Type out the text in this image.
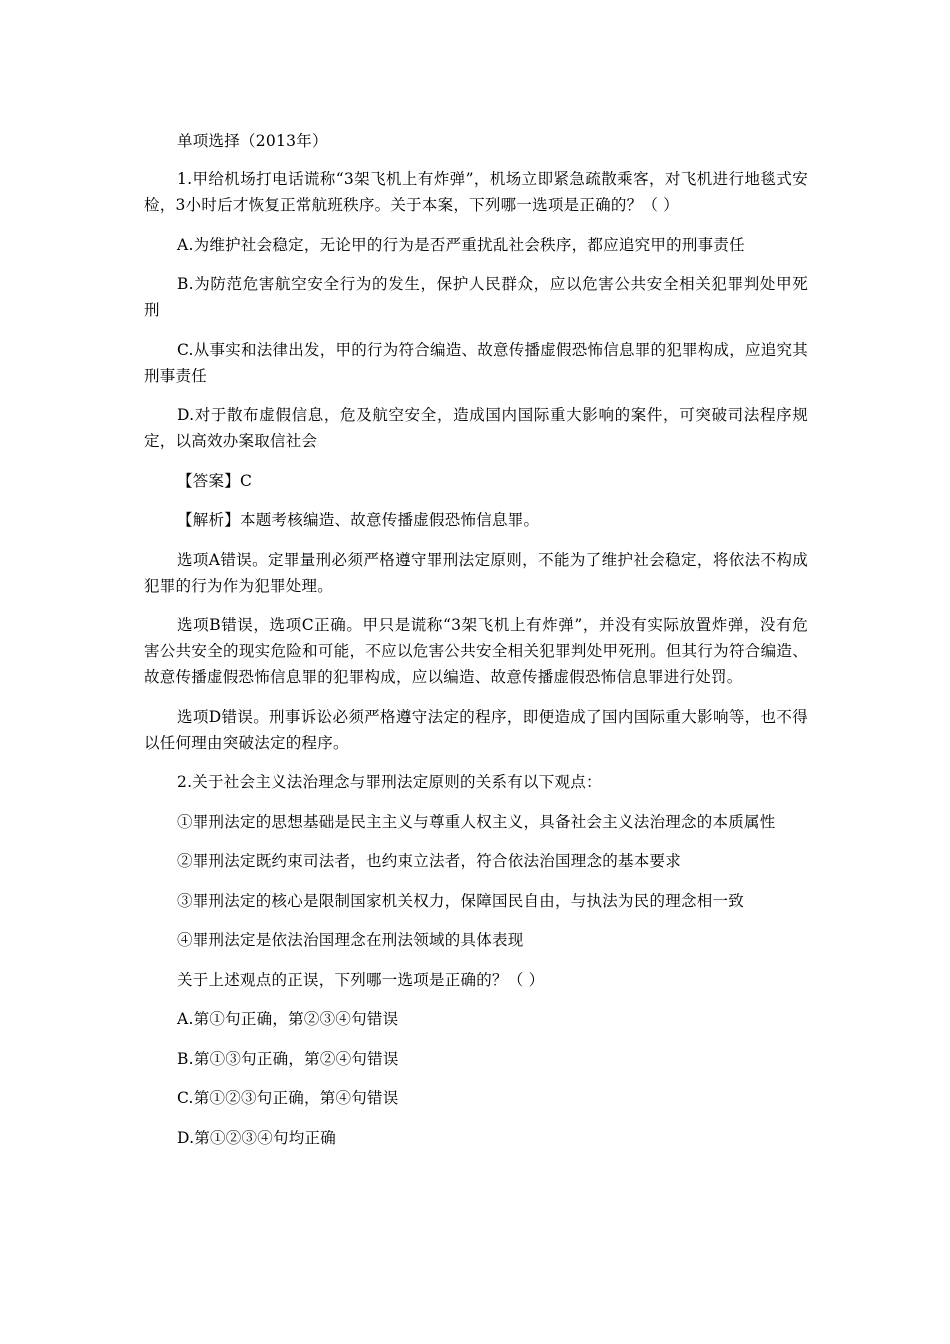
单项选择（2013年）

1.甲给机场打电话谎称“3架飞机上有炸弹”，机场立即紧急疏散乘客，对飞机进行地毯式安检，3小时后才恢复正常航班秩序。关于本案，下列哪一选项是正确的？（ ）

A.为维护社会稳定，无论甲的行为是否严重扰乱社会秩序，都应追究甲的刑事责任

B.为防范危害航空安全行为的发生，保护人民群众，应以危害公共安全相关犯罪判处甲死刑

C.从事实和法律出发，甲的行为符合编造、故意传播虚假恐怖信息罪的犯罪构成，应追究其刑事责任

D.对于散布虚假信息，危及航空安全，造成国内国际重大影响的案件，可突破司法程序规定，以高效办案取信社会

【答案】C

【解析】本题考核编造、故意传播虚假恐怖信息罪。

选项A错误。定罪量刑必须严格遵守罪刑法定原则，不能为了维护社会稳定，将依法不构成犯罪的行为作为犯罪处理。

选项B错误，选项C正确。甲只是谎称“3架飞机上有炸弹”，并没有实际放置炸弹，没有危害公共安全的现实危险和可能，不应以危害公共安全相关犯罪判处甲死刑。但其行为符合编造、故意传播虚假恐怖信息罪的犯罪构成，应以编造、故意传播虚假恐怖信息罪进行处罚。

选项D错误。刑事诉讼必须严格遵守法定的程序，即便造成了国内国际重大影响等，也不得以任何理由突破法定的程序。

2.关于社会主义法治理念与罪刑法定原则的关系有以下观点：

①罪刑法定的思想基础是民主主义与尊重人权主义，具备社会主义法治理念的本质属性

②罪刑法定既约束司法者，也约束立法者，符合依法治国理念的基本要求

③罪刑法定的核心是限制国家机关权力，保障国民自由，与执法为民的理念相一致

④罪刑法定是依法治国理念在刑法领域的具体表现

关于上述观点的正误，下列哪一选项是正确的？（ ）

A.第①句正确，第②③④句错误

B.第①③句正确，第②④句错误

C.第①②③句正确，第④句错误

D.第①②③④句均正确
